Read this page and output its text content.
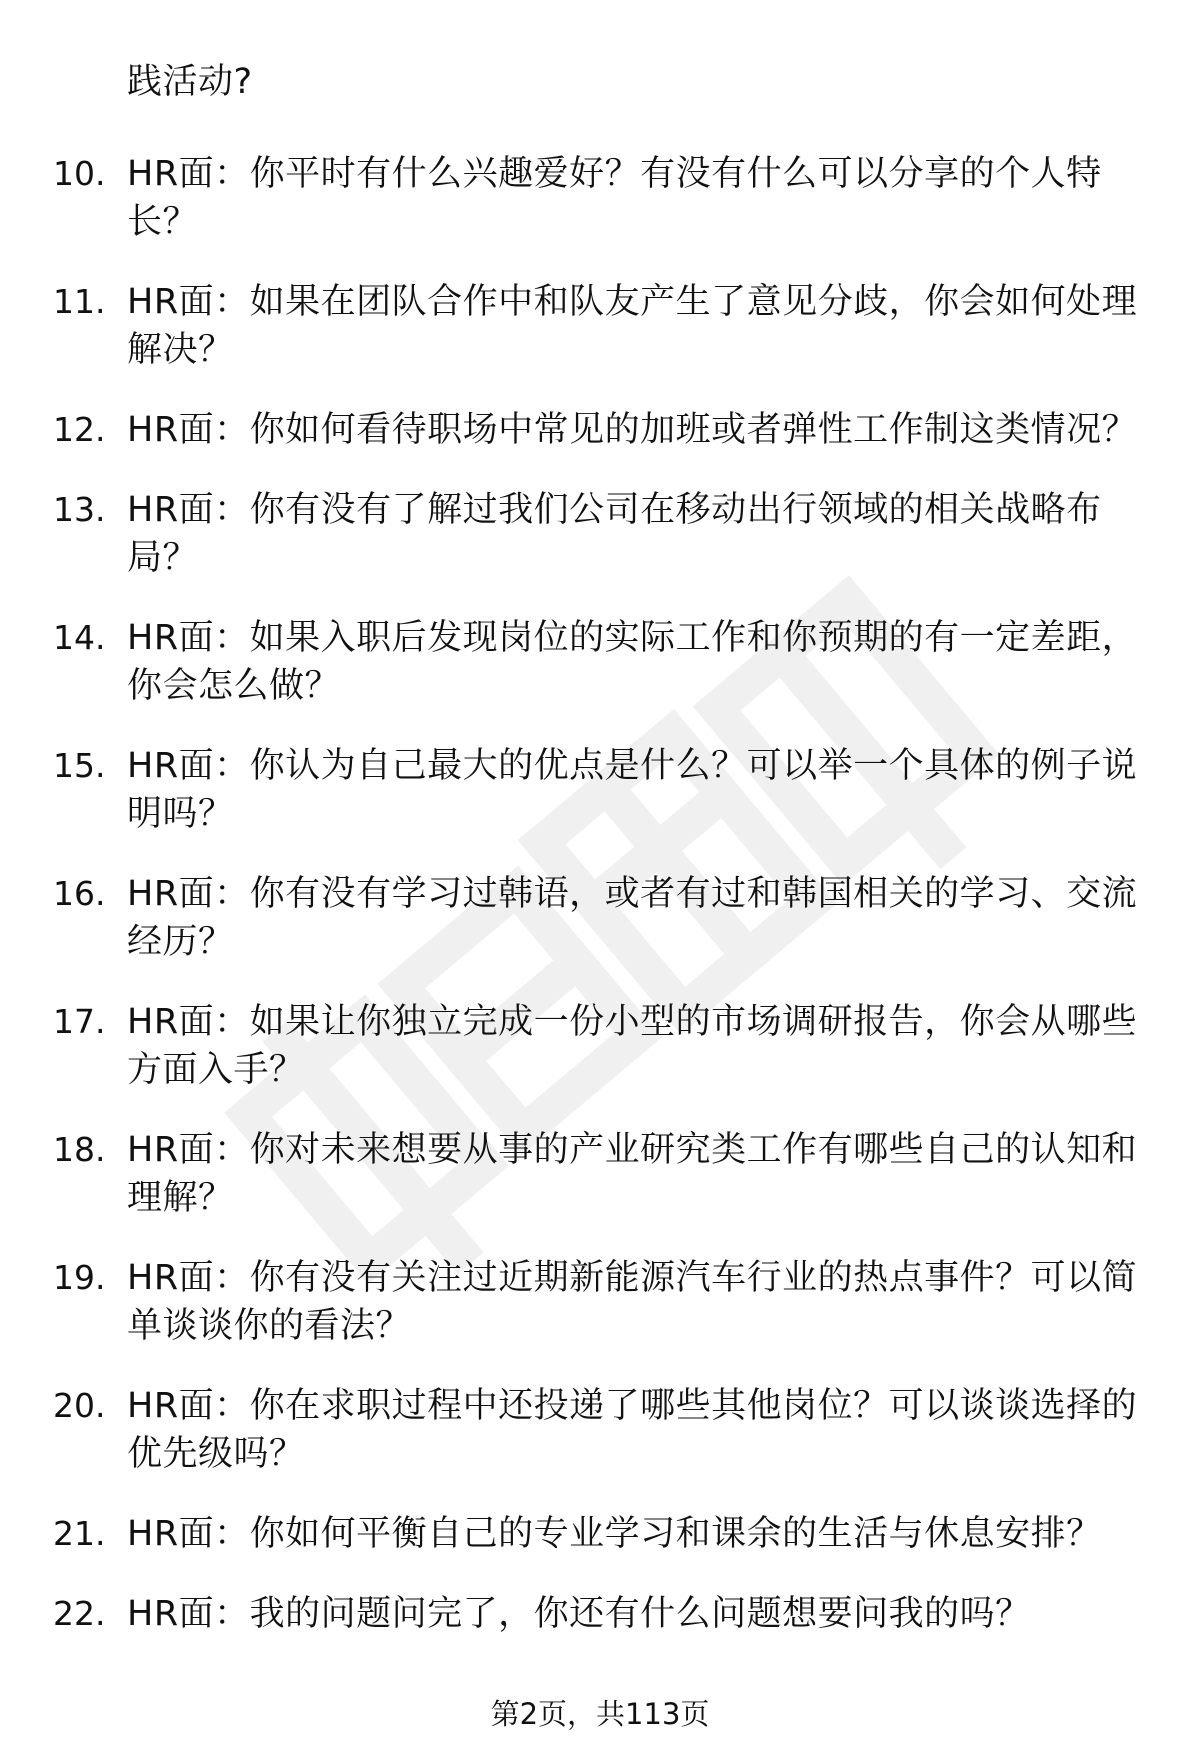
践活动?
10. HR面：你平时有什么兴趣爱好？有没有什么可以分享的个人特长？
11. HR面：如果在团队合作中和队友产生了意见分歧，你会如何处理解决？
12. HR面：你如何看待职场中常见的加班或者弹性工作制这类情况？
13. HR面：你有没有了解过我们公司在移动出行领域的相关战略布局？
14. HR面：如果入职后发现岗位的实际工作和你预期的有一定差距，你会怎么做？
15. HR面：你认为自己最大的优点是什么？可以举一个具体的例子说明吗？
16. HR面：你有没有学习过韩语，或者有过和韩国相关的学习、交流经历？
17. HR面：如果让你独立完成一份小型的市场调研报告，你会从哪些方面入手？
18. HR面：你对未来想要从事的产业研究类工作有哪些自己的认知和理解？
19. HR面：你有没有关注过近期新能源汽车行业的热点事件？可以简单谈谈你的看法？
20. HR面：你在求职过程中还投递了哪些其他岗位？可以谈谈选择的优先级吗？
21. HR面：你如何平衡自己的专业学习和课余的生活与休息安排？
22. HR面：我的问题问完了，你还有什么问题想要问我的吗？
第2页，共113页
